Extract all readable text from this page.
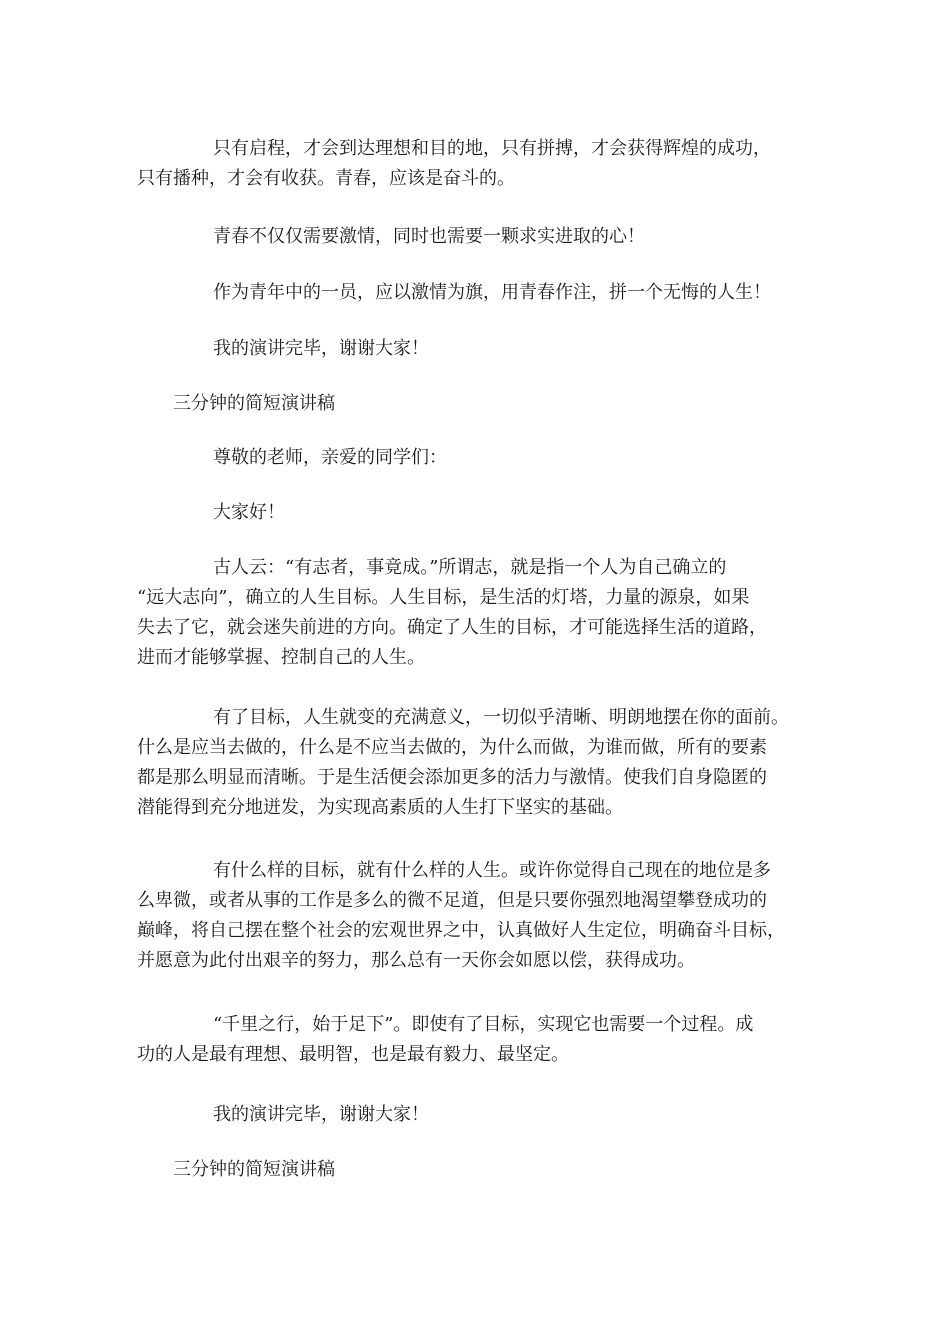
只有启程，才会到达理想和目的地，只有拼搏，才会获得辉煌的成功，
只有播种，才会有收获。青春，应该是奋斗的。
青春不仅仅需要激情，同时也需要一颗求实进取的心！
作为青年中的一员，应以激情为旗，用青春作注，拼一个无悔的人生！
我的演讲完毕，谢谢大家！
三分钟的简短演讲稿
尊敬的老师，亲爱的同学们：
大家好！
古人云：“有志者，事竟成。”所谓志，就是指一个人为自己确立的
“远大志向”，确立的人生目标。人生目标，是生活的灯塔，力量的源泉，如果
失去了它，就会迷失前进的方向。确定了人生的目标，才可能选择生活的道路，
进而才能够掌握、控制自己的人生。
有了目标，人生就变的充满意义，一切似乎清晰、明朗地摆在你的面前。
什么是应当去做的，什么是不应当去做的，为什么而做，为谁而做，所有的要素
都是那么明显而清晰。于是生活便会添加更多的活力与激情。使我们自身隐匿的
潜能得到充分地迸发，为实现高素质的人生打下坚实的基础。
有什么样的目标，就有什么样的人生。或许你觉得自己现在的地位是多
么卑微，或者从事的工作是多么的微不足道，但是只要你强烈地渴望攀登成功的
巅峰，将自己摆在整个社会的宏观世界之中，认真做好人生定位，明确奋斗目标，
并愿意为此付出艰辛的努力，那么总有一天你会如愿以偿，获得成功。
“千里之行，始于足下”。即使有了目标，实现它也需要一个过程。成
功的人是最有理想、最明智，也是最有毅力、最坚定。
我的演讲完毕，谢谢大家！
三分钟的简短演讲稿
